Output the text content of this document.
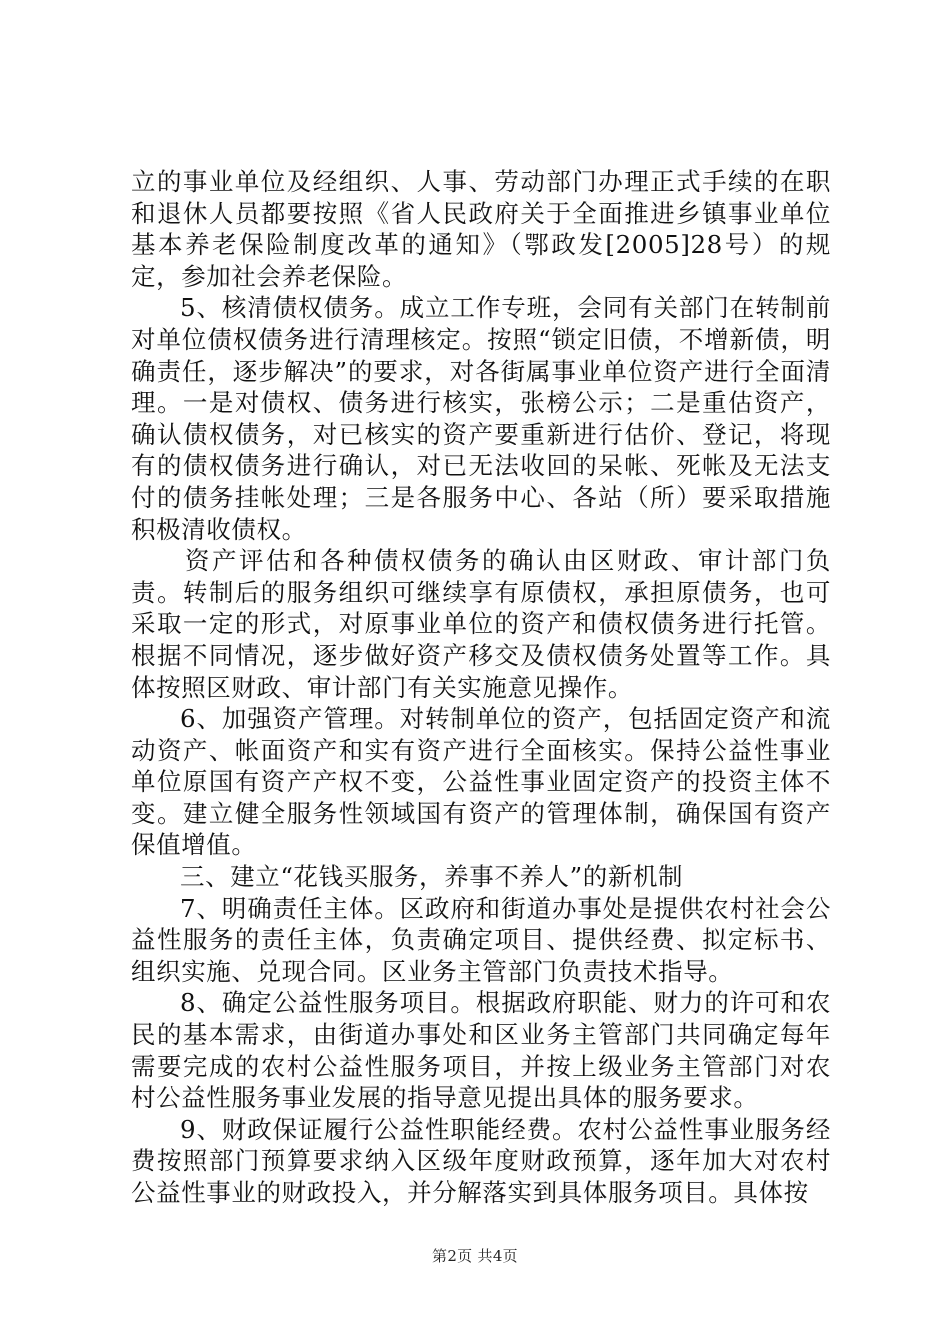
立的事业单位及经组织、人事、劳动部门办理正式手续的在职和退休人员都要按照《省人民政府关于全面推进乡镇事业单位基本养老保险制度改革的通知》（鄂政发[2005]28号）的规定，参加社会养老保险。

5、核清债权债务。成立工作专班，会同有关部门在转制前对单位债权债务进行清理核定。按照“锁定旧债，不增新债，明确责任，逐步解决”的要求，对各街属事业单位资产进行全面清理。一是对债权、债务进行核实，张榜公示；二是重估资产，确认债权债务，对已核实的资产要重新进行估价、登记，将现有的债权债务进行确认，对已无法收回的呆帐、死帐及无法支付的债务挂帐处理；三是各服务中心、各站（所）要采取措施积极清收债权。

资产评估和各种债权债务的确认由区财政、审计部门负责。转制后的服务组织可继续享有原债权，承担原债务，也可采取一定的形式，对原事业单位的资产和债权债务进行托管。根据不同情况，逐步做好资产移交及债权债务处置等工作。具体按照区财政、审计部门有关实施意见操作。

6、加强资产管理。对转制单位的资产，包括固定资产和流动资产、帐面资产和实有资产进行全面核实。保持公益性事业单位原国有资产产权不变，公益性事业固定资产的投资主体不变。建立健全服务性领域国有资产的管理体制，确保国有资产保值增值。

三、建立“花钱买服务，养事不养人”的新机制

7、明确责任主体。区政府和街道办事处是提供农村社会公益性服务的责任主体，负责确定项目、提供经费、拟定标书、组织实施、兑现合同。区业务主管部门负责技术指导。

8、确定公益性服务项目。根据政府职能、财力的许可和农民的基本需求，由街道办事处和区业务主管部门共同确定每年需要完成的农村公益性服务项目，并按上级业务主管部门对农村公益性服务事业发展的指导意见提出具体的服务要求。

9、财政保证履行公益性职能经费。农村公益性事业服务经费按照部门预算要求纳入区级年度财政预算，逐年加大对农村公益性事业的财政投入，并分解落实到具体服务项目。具体按

第2页 共4页
